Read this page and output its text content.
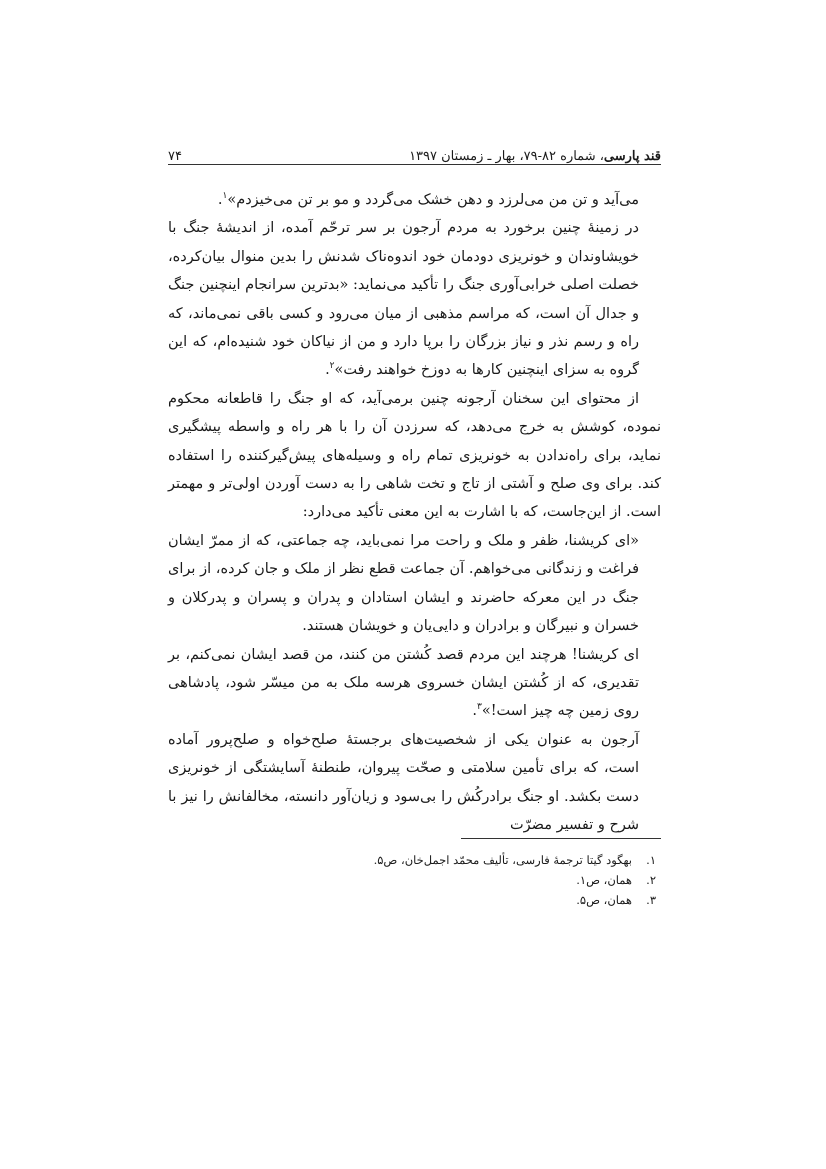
قند پارسی، شماره ۸۲-۷۹، بهار ـ زمستان ۱۳۹۷
۷۴

می‌آید و تن من می‌لرزد و دهن خشک می‌گردد و مو بر تن می‌خیزدم»$^۱$.

در زمینهٔ چنین برخورد به مردم آرجون بر سر ترحّم آمده، از اندیشهٔ جنگ با خویشاوندان و خونریزی دودمان خود اندوه‌ناک شدنش را بدین منوال بیان‌کرده، خصلت اصلی خرابی‌آوری جنگ را تأکید می‌نماید: «بدترین سرانجام اینچنین جنگ و جدال آن است، که مراسم مذهبی از میان می‌رود و کسی باقی نمی‌ماند، که راه و رسم نذر و نیاز بزرگان را برپا دارد و من از نیاکان خود شنیده‌ام، که این گروه به سزای اینچنین کارها به دوزخ خواهند رفت»$^۲$.

از محتوای این سخنان آرجونه چنین برمی‌آید، که او جنگ را قاطعانه محکوم نموده، کوشش به خرج می‌دهد، که سرزدن آن را با هر راه و واسطه پیشگیری نماید، برای راه‌ندادن به خونریزی تمام راه و وسیله‌های پیش‌گیرکننده را استفاده کند. برای وی صلح و آشتی از تاج و تخت شاهی را به دست آوردن اولی‌تر و مهمتر است. از این‌جاست، که با اشارت به این معنی تأکید می‌دارد:

«ای کریشنا، ظفر و ملک و راحت مرا نمی‌باید، چه جماعتی، که از ممرّ ایشان فراغت و زندگانی می‌خواهم. آن جماعت قطع نظر از ملک و جان کرده، از برای جنگ در این معرکه حاضرند و ایشان استادان و پدران و پسران و پدرکلان و خسران و نبیرگان و برادران و دایی‌یان و خویشان هستند.

ای کریشنا! هرچند این مردم قصد کُشتن من کنند، من قصد ایشان نمی‌کنم، بر تقدیری، که از کُشتن ایشان خسروی هرسه ملک به من میسّر شود، پادشاهی روی زمین چه چیز است!»$^۳$.

آرجون به عنوان یکی از شخصیت‌های برجستهٔ صلح‌خواه و صلح‌پرور آماده است، که برای تأمین سلامتی و صحّت پیروان، طنطنهٔ آسایشتگی از خونریزی دست بکشد. او جنگ برادرکُش را بی‌سود و زیان‌آور دانسته، مخالفانش را نیز با شرح و تفسیر مضرّت

۱.
بهگود گیتا ترجمهٔ فارسی، تألیف محمّد اجمل‌خان، ص۵.
۲.
همان، ص۱.
۳.
همان، ص۵.
